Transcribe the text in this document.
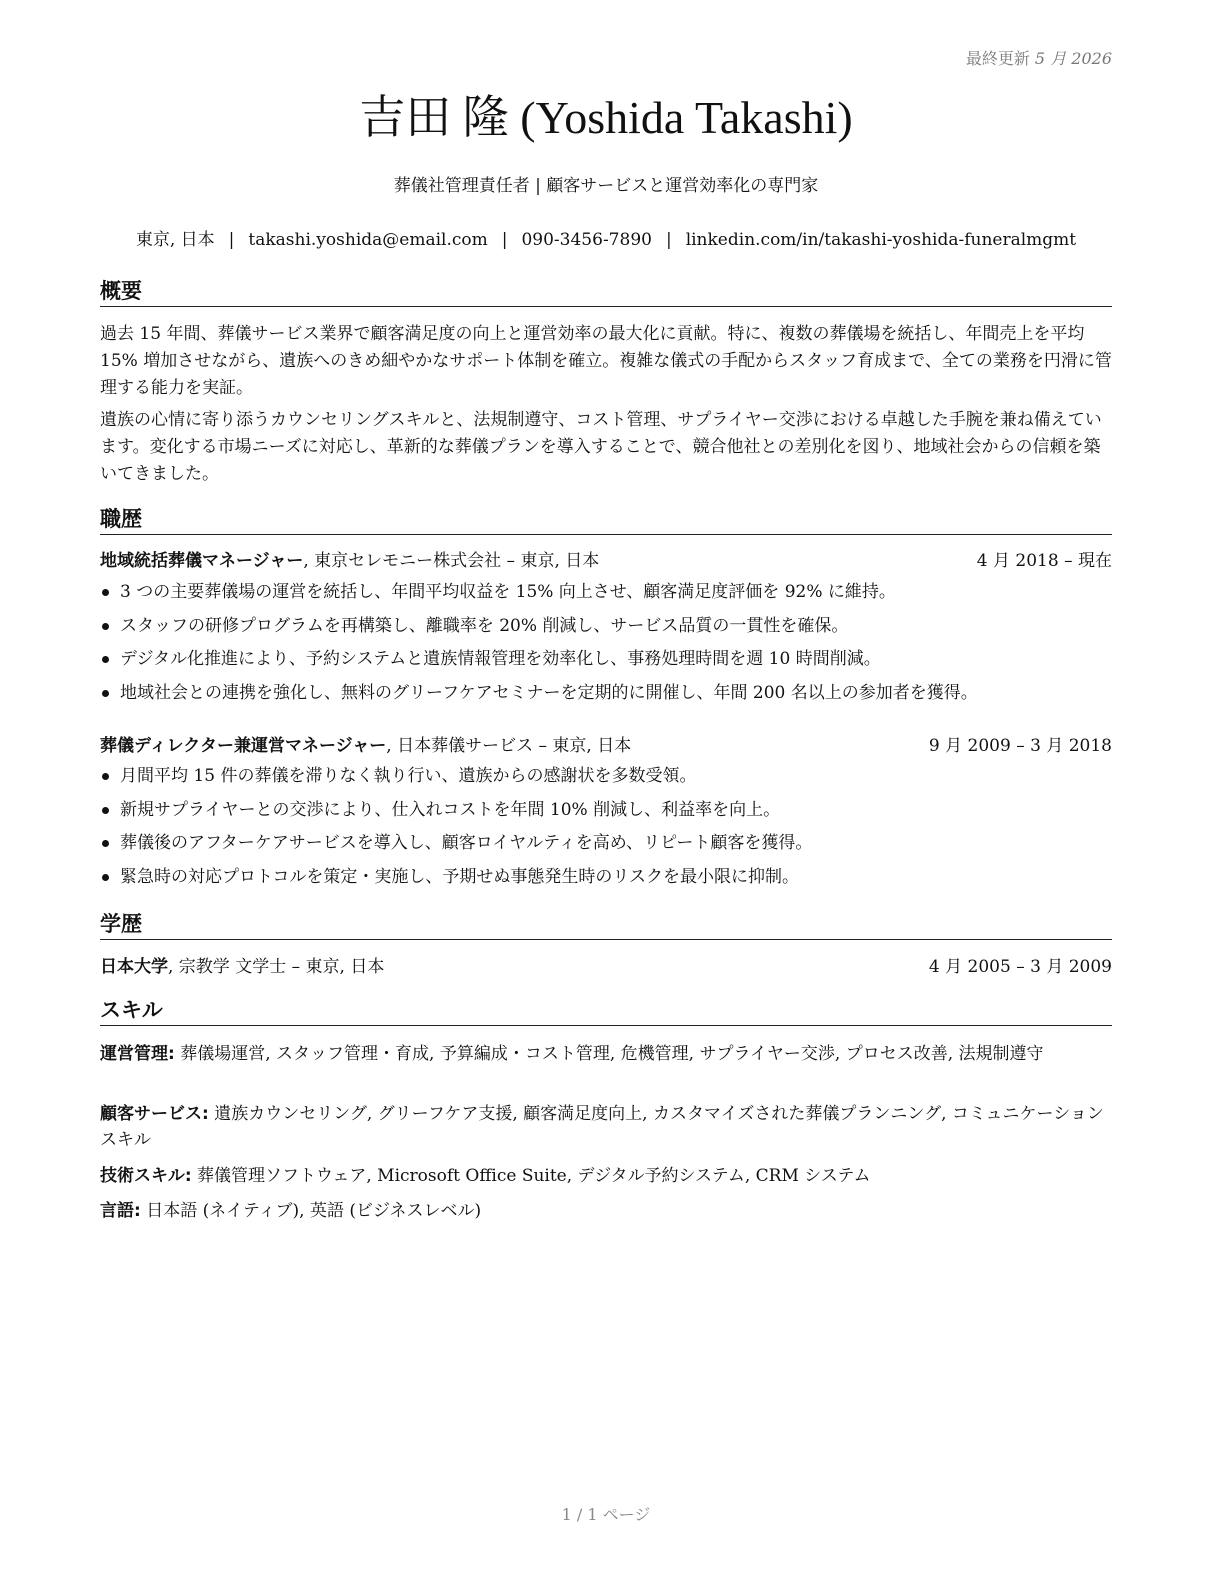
最終更新 5 月 2026
吉田 隆 (Yoshida Takashi)
葬儀社管理責任者 | 顧客サービスと運営効率化の専門家
東京, 日本 | takashi.yoshida@email.com | 090-3456-7890 | linkedin.com/in/takashi-yoshida-funeralmgmt
概要

過去 15 年間、葬儀サービス業界で顧客満足度の向上と運営効率の最大化に貢献。特に、複数の葬儀場を統括し、年間売上を平均 15% 増加させながら、遺族へのきめ細やかなサポート体制を確立。複雑な儀式の手配からスタッフ育成まで、全ての業務を円滑に管理する能力を実証。

遺族の心情に寄り添うカウンセリングスキルと、法規制遵守、コスト管理、サプライヤー交渉における卓越した手腕を兼ね備えています。変化する市場ニーズに対応し、革新的な葬儀プランを導入することで、競合他社との差別化を図り、地域社会からの信頼を築いてきました。

職歴
地域統括葬儀マネージャー, 東京セレモニー株式会社 – 東京, 日本	4 月 2018 – 現在
3 つの主要葬儀場の運営を統括し、年間平均収益を 15% 向上させ、顧客満足度評価を 92% に維持。
スタッフの研修プログラムを再構築し、離職率を 20% 削減し、サービス品質の一貫性を確保。
デジタル化推進により、予約システムと遺族情報管理を効率化し、事務処理時間を週 10 時間削減。
地域社会との連携を強化し、無料のグリーフケアセミナーを定期的に開催し、年間 200 名以上の参加者を獲得。
葬儀ディレクター兼運営マネージャー, 日本葬儀サービス – 東京, 日本	9 月 2009 – 3 月 2018
月間平均 15 件の葬儀を滞りなく執り行い、遺族からの感謝状を多数受領。
新規サプライヤーとの交渉により、仕入れコストを年間 10% 削減し、利益率を向上。
葬儀後のアフターケアサービスを導入し、顧客ロイヤルティを高め、リピート顧客を獲得。
緊急時の対応プロトコルを策定・実施し、予期せぬ事態発生時のリスクを最小限に抑制。
学歴
日本大学, 宗教学 文学士 – 東京, 日本	4 月 2005 – 3 月 2009
スキル

運営管理: 葬儀場運営, スタッフ管理・育成, 予算編成・コスト管理, 危機管理, サプライヤー交渉, プロセス改善, 法規制遵守

顧客サービス: 遺族カウンセリング, グリーフケア支援, 顧客満足度向上, カスタマイズされた葬儀プランニング, コミュニケーションスキル

技術スキル: 葬儀管理ソフトウェア, Microsoft Office Suite, デジタル予約システム, CRM システム

言語: 日本語 (ネイティブ), 英語 (ビジネスレベル)

1 / 1 ページ
